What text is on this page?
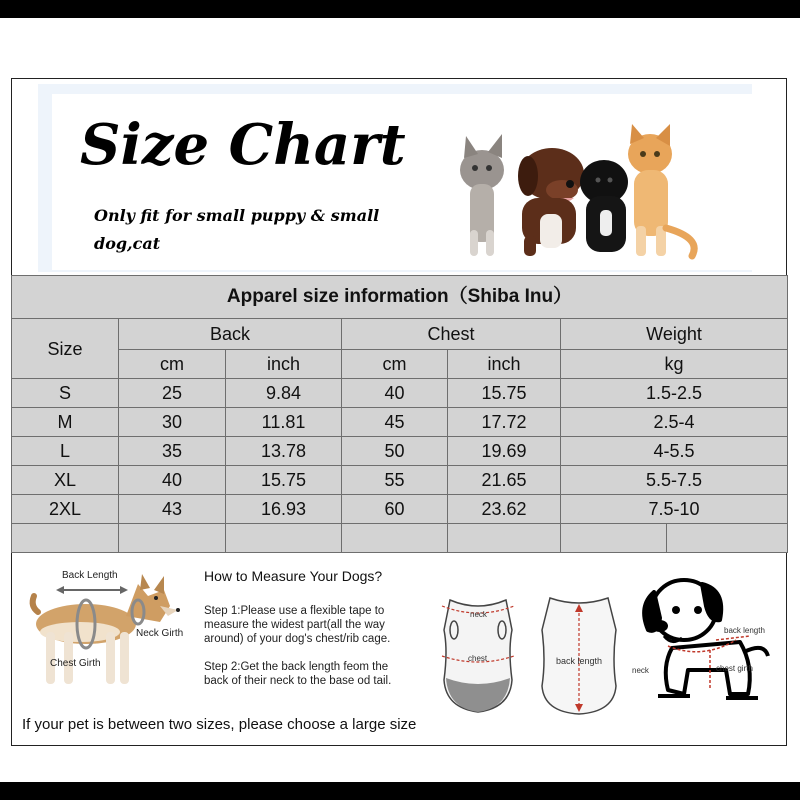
Size Chart
Only fit for small puppy & small dog,cat
Apparel size information（Shiba Inu）						
Size	Back		Chest		Weight	
	cm	inch	cm	inch	kg	
S	25	9.84	40	15.75	1.5-2.5	
M	30	11.81	45	17.72	2.5-4	
L	35	13.78	50	19.69	4-5.5	
XL	40	15.75	55	21.65	5.5-7.5	
2XL	43	16.93	60	23.62	7.5-10	

Back Length
Neck Girth
Chest Girth
How to Measure Your Dogs?
Step 1:Please use a flexible tape to measure the widest part(all the way around) of your dog's chest/rib cage.
Step 2:Get the back length feom the back of their neck to the base od tail.
neck
chest	back length
back length
neck	chest girth
If your pet is between two sizes, please choose a large size
